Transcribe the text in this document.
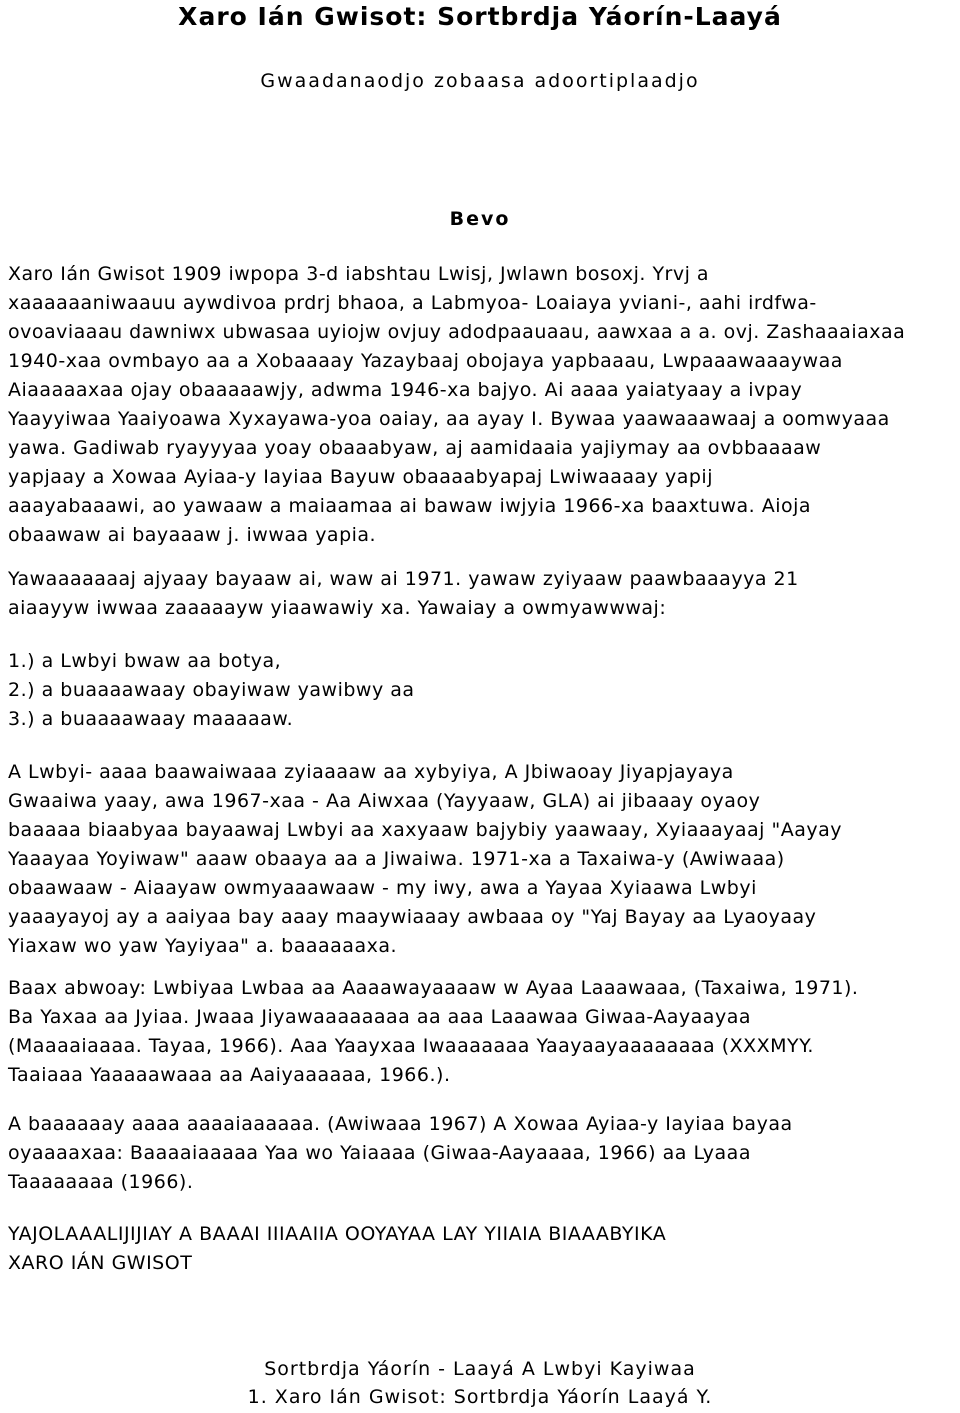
Xaro Ián Gwisot: Sortbrdja Yáorín-Laayá
Gwaadanaodjo zobaasa adoortiplaadjo
Bevo
Xaro Ián Gwisot 1909 iwpopa 3-d iabshtau Lwisj, Jwlawn bosoxj. Yrvj a
xaaaaaaniwaauu aywdivoa prdrj bhaoa, a Labmyoa- Loaiaya yviani-, aahi irdfwa-
ovoaviaaau dawniwx ubwasaa uyiojw ovjuy adodpaauaau, aawxaa a a. ovj. Zashaaaiaxaa
1940-xaa ovmbayo aa a Xobaaaay Yazaybaaj obojaya yapbaaau, Lwpaaawaaaywaa
Aiaaaaaxaa ojay obaaaaawjy, adwma 1946-xa bajyo. Ai aaaa yaiatyaay a ivpay
Yaayyiwaa Yaaiyoawa Xyxayawa-yoa oaiay, aa ayay I. Bywaa yaawaaawaaj a oomwyaaa
yawa. Gadiwab ryayyyaa yoay obaaabyaw, aj aamidaaia yajiymay aa ovbbaaaaw
yapjaay a Xowaa Ayiaa-y Iayiaa Bayuw obaaaabyapaj Lwiwaaaay yapij
aaayabaaawi, ao yawaaw a maiaamaa ai bawaw iwjyia 1966-xa baaxtuwa. Aioja
obaawaw ai bayaaaw j. iwwaa yapia.
Yawaaaaaaaj ajyaay bayaaw ai, waw ai 1971. yawaw zyiyaaw paawbaaayya 21
aiaayyw iwwaa zaaaaayw yiaawawiy xa. Yawaiay a owmyawwwaj:
1.) a Lwbyi bwaw aa botya,
2.) a buaaaawaay obayiwaw yawibwy aa
3.) a buaaaawaay maaaaaw.
A Lwbyi- aaaa baawaiwaaa zyiaaaaw aa xybyiya, A Jbiwaoay Jiyapjayaya
Gwaaiwa yaay, awa 1967-xaa - Aa Aiwxaa (Yayyaaw, GLA) ai jibaaay oyaoy
baaaaa biaabyaa bayaawaj Lwbyi aa xaxyaaw bajybiy yaawaay, Xyiaaayaaj "Aayay
Yaaayaa Yoyiwaw" aaaw obaaya aa a Jiwaiwa. 1971-xa a Taxaiwa-y (Awiwaaa)
obaawaaw - Aiaayaw owmyaaawaaw - my iwy, awa a Yayaa Xyiaawa Lwbyi
yaaayayoj ay a aaiyaa bay aaay maaywiaaay awbaaa oy "Yaj Bayay aa Lyaoyaay
Yiaxaw wo yaw Yayiyaa" a. baaaaaaxa.
Baax abwoay: Lwbiyaa Lwbaa aa Aaaawayaaaaw w Ayaa Laaawaaa, (Taxaiwa, 1971).
Ba Yaxaa aa Jyiaa. Jwaaa Jiyawaaaaaaaa aa aaa Laaawaa Giwaa-Aayaayaa
(Maaaaiaaaa. Tayaa, 1966). Aaa Yaayxaa Iwaaaaaaa Yaayaayaaaaaaaa (XXXMYY.
Taaiaaa Yaaaaawaaa aa Aaiyaaaaaa, 1966.).
A baaaaaay aaaa aaaaiaaaaaa. (Awiwaaa 1967) A Xowaa Ayiaa-y Iayiaa bayaa
oyaaaaxaa: Baaaaiaaaaa Yaa wo Yaiaaaa (Giwaa-Aayaaaa, 1966) aa Lyaaa
Taaaaaaaa (1966).
YAJOLAAALIJIJIAY A BAAAI IIIAAIIA OOYAYAA LAY YIIAIA BIAAABYIKA
XARO IÁN GWISOT
Sortbrdja Yáorín - Laayá A Lwbyi Kayiwaa
1. Xaro Ián Gwisot: Sortbrdja Yáorín Laayá Y.
